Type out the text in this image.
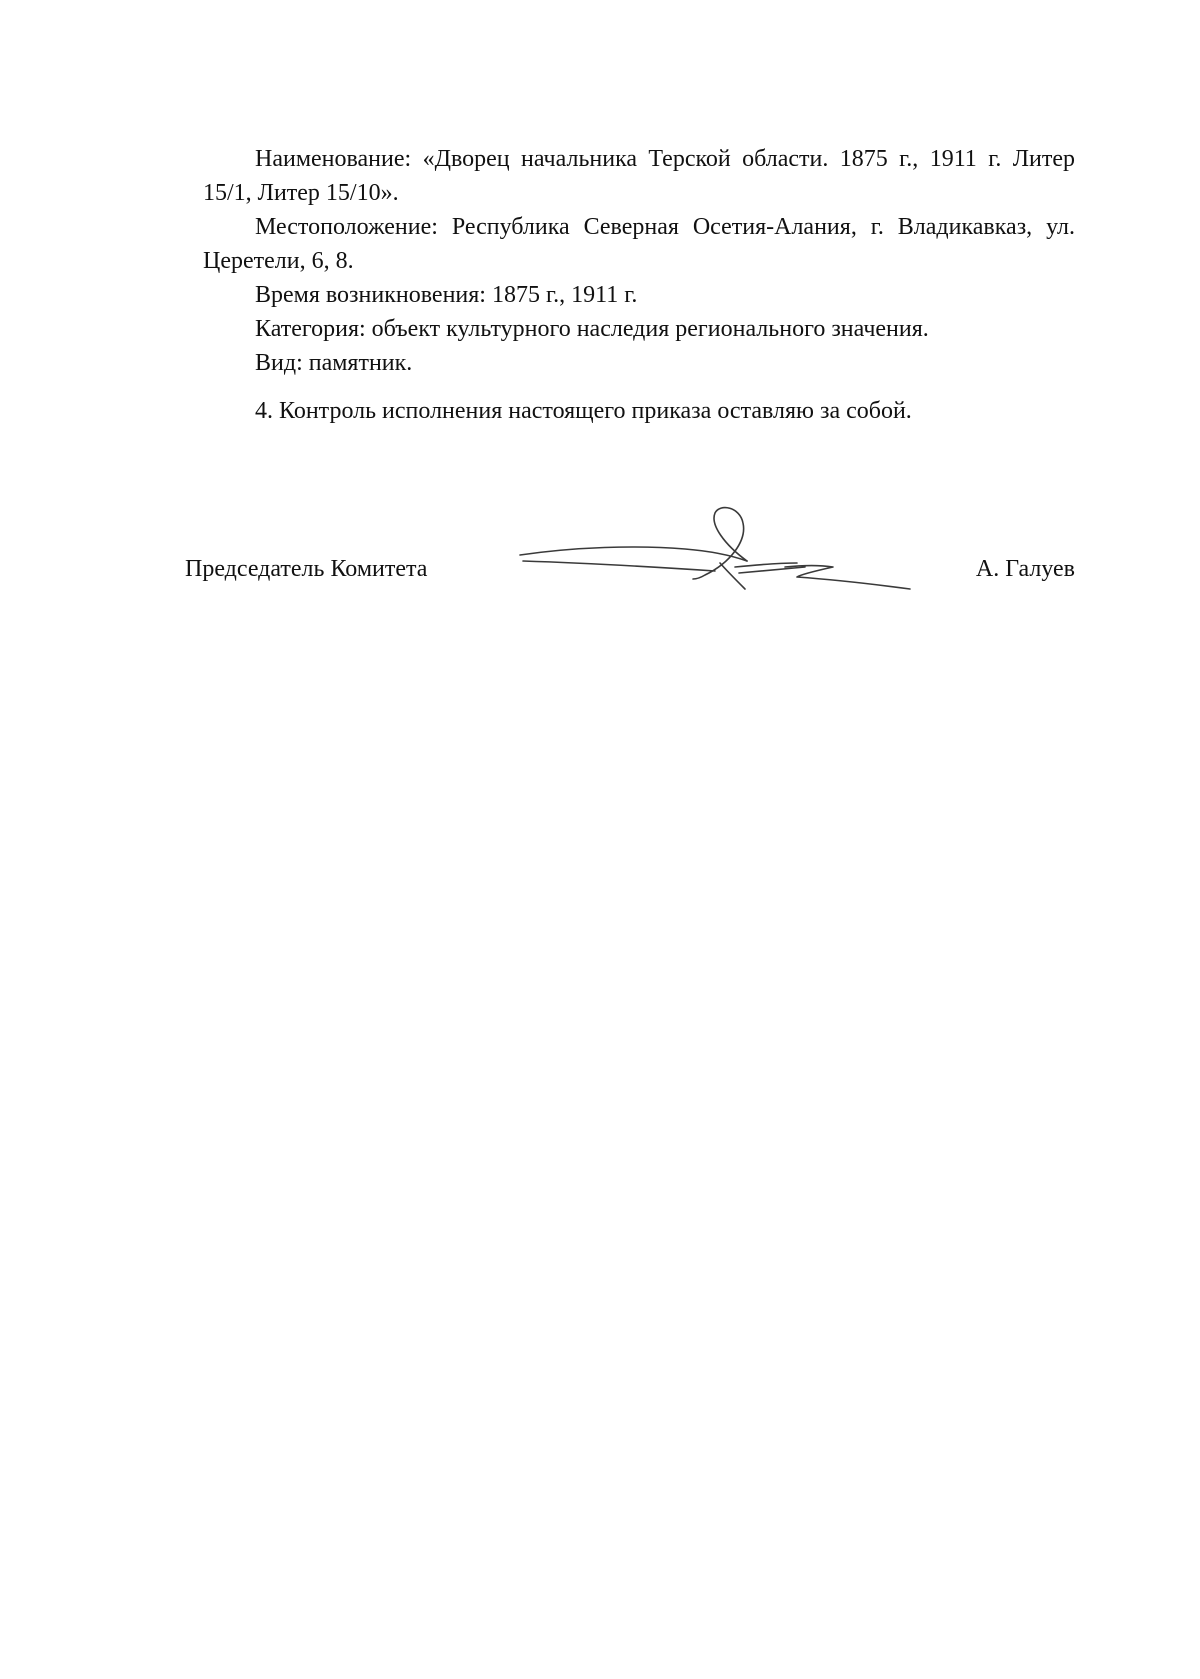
Наименование: «Дворец начальника Терской области. 1875 г., 1911 г. Литер 15/1, Литер 15/10».

Местоположение: Республика Северная Осетия-Алания, г. Владикавказ, ул. Церетели, 6, 8.

Время возникновения: 1875 г., 1911 г.

Категория: объект культурного наследия регионального значения.

Вид: памятник.

4. Контроль исполнения настоящего приказа оставляю за собой.

Председатель Комитета	А. Галуев
